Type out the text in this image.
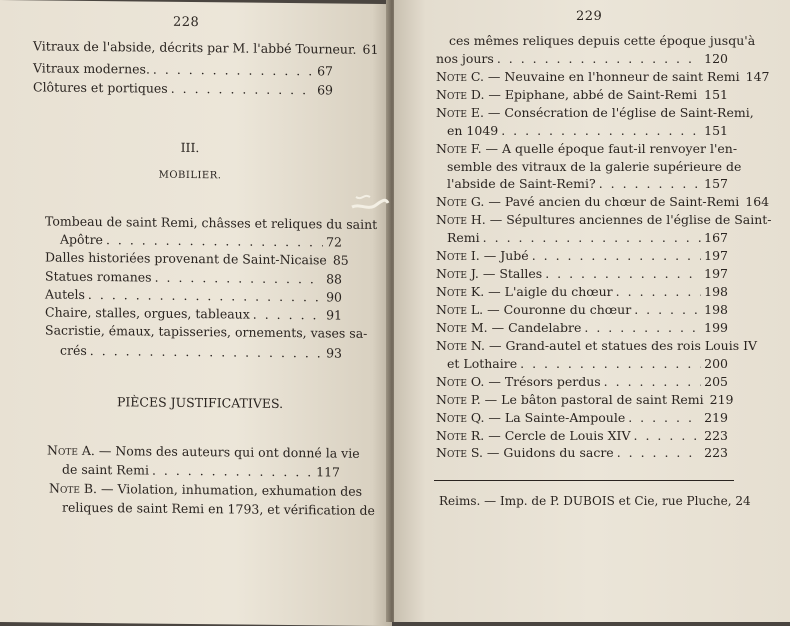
228
Vitraux de l'abside, décrits par M. l'abbé Tourneur. 61
Vitraux modernes. . . .	67
Clôtures et portiques . . .	69
III.
MOBILIER.
Tombeau de saint Remi, châsses et reliques du saint
Apôtre . . .	72
Dalles historiées provenant de Saint-Nicaise 85
Statues romanes . . .	88
Autels . . .	90
Chaire, stalles, orgues, tableaux . . .	91
Sacristie, émaux, tapisseries, ornements, vases sa-
crés . . .	93
PIÈCES JUSTIFICATIVES.
Note A. — Noms des auteurs qui ont donné la vie
de saint Remi . . .	117
Note B. — Violation, inhumation, exhumation des
reliques de saint Remi en 1793, et vérification de
229
ces mêmes reliques depuis cette époque jusqu'à
nos jours . . .	120
Note C. — Neuvaine en l'honneur de saint Remi 147
Note D. — Epiphane, abbé de Saint-Remi . . . 151
Note E. — Consécration de l'église de Saint-Remi,
en 1049 . . .	151
Note F. — A quelle époque faut-il renvoyer l'en-
semble des vitraux de la galerie supérieure de
l'abside de Saint-Remi? . . .	157
Note G. — Pavé ancien du chœur de Saint-Remi 164
Note H. — Sépultures anciennes de l'église de Saint-
Remi . . .	167
Note I. — Jubé . . .	197
Note J. — Stalles . . .	197
Note K. — L'aigle du chœur . . .	198
Note L. — Couronne du chœur . . .	198
Note M. — Candelabre . . .	199
Note N. — Grand-autel et statues des rois Louis IV
et Lothaire . . .	200
Note O. — Trésors perdus . . .	205
Note P. — Le bâton pastoral de saint Remi 219
Note Q. — La Sainte-Ampoule . . .	219
Note R. — Cercle de Louis XIV . . .	223
Note S. — Guidons du sacre . . .	223
Reims. — Imp. de P. DUBOIS et Cie, rue Pluche, 24
